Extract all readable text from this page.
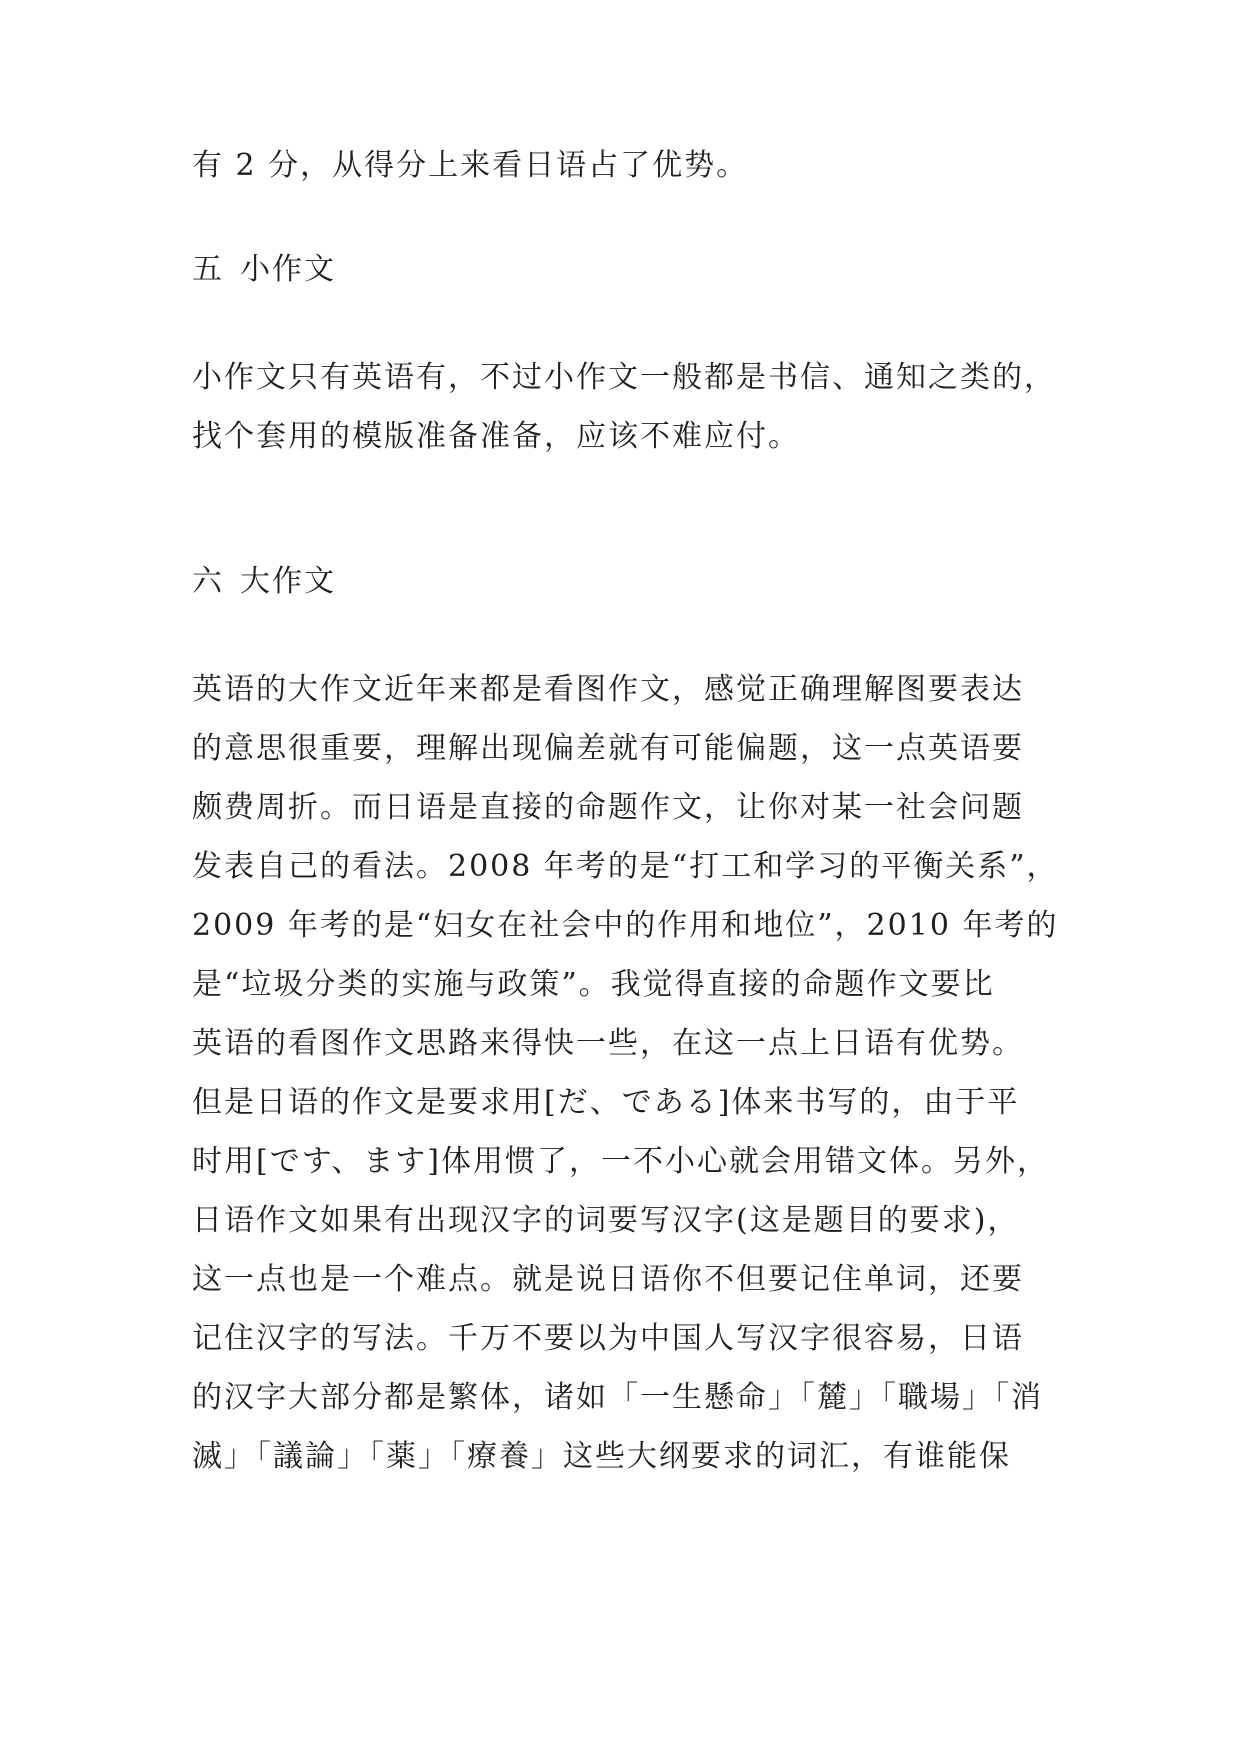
有 2 分，从得分上来看日语占了优势。

五 小作文

小作文只有英语有，不过小作文一般都是书信、通知之类的，
找个套用的模版准备准备，应该不难应付。

六 大作文

英语的大作文近年来都是看图作文，感觉正确理解图要表达
的意思很重要，理解出现偏差就有可能偏题，这一点英语要
颇费周折。而日语是直接的命题作文，让你对某一社会问题
发表自己的看法。2008 年考的是“打工和学习的平衡关系”，
2009 年考的是“妇女在社会中的作用和地位”，2010 年考的
是“垃圾分类的实施与政策”。我觉得直接的命题作文要比
英语的看图作文思路来得快一些，在这一点上日语有优势。
但是日语的作文是要求用[だ、である]体来书写的，由于平
时用[です、ます]体用惯了，一不小心就会用错文体。另外，
日语作文如果有出现汉字的词要写汉字(这是题目的要求)，
这一点也是一个难点。就是说日语你不但要记住单词，还要
记住汉字的写法。千万不要以为中国人写汉字很容易，日语
的汉字大部分都是繁体，诸如「一生懸命」「麓」「職場」「消
滅」「議論」「薬」「療養」这些大纲要求的词汇，有谁能保
